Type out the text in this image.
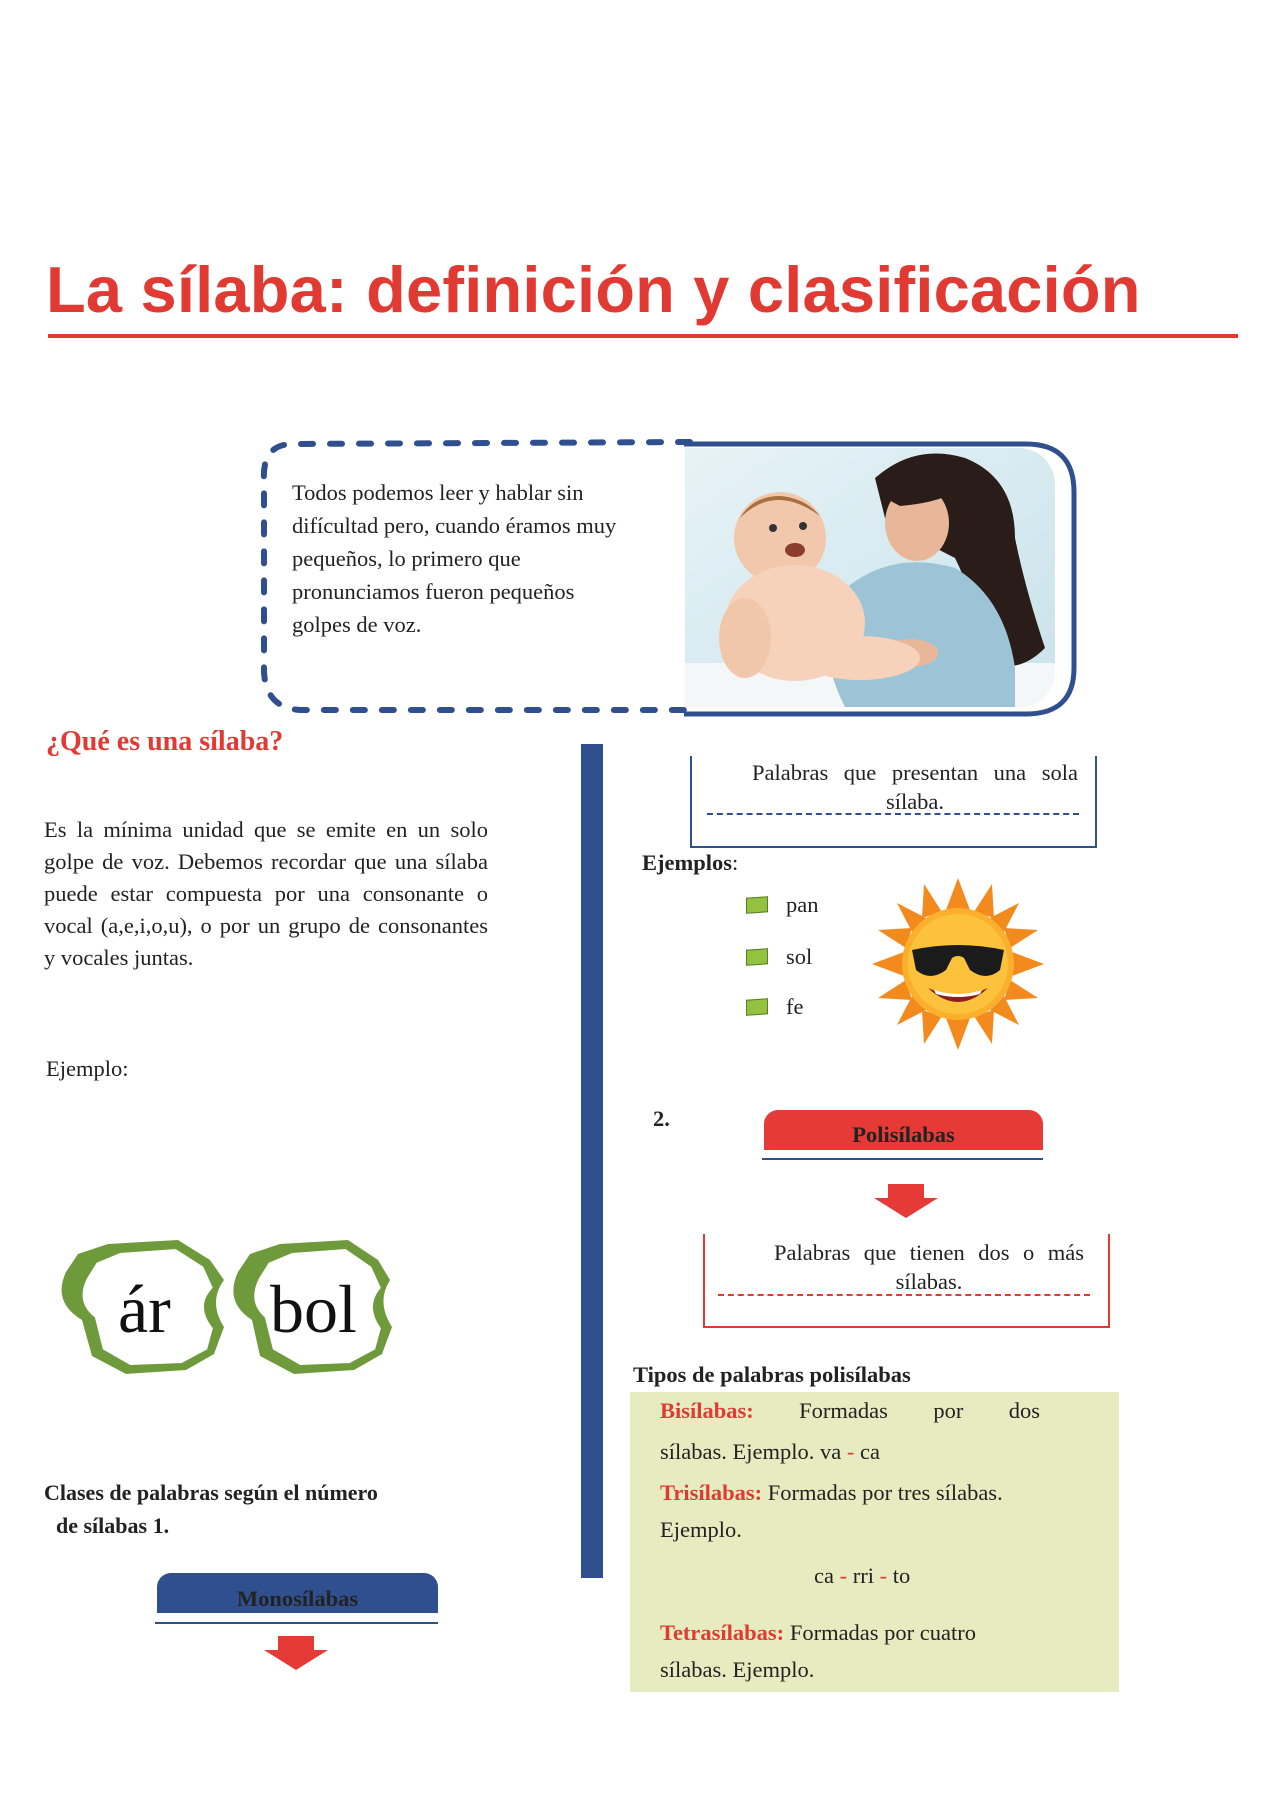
La sílaba: definición y clasificación
Todos podemos leer y hablar sin difícultad pero, cuando éramos muy pequeños, lo primero que pronunciamos fueron pequeños golpes de voz.
¿Qué es una sílaba?
Es la mínima unidad que se emite en un solo golpe de voz. Debemos recordar que una sílaba puede estar compuesta por una consonante o vocal (a,e,i,o,u), o por un grupo de consonantes y vocales juntas.
Ejemplo:
ár bol
Clases de palabras según el número
de sílabas 1.
Monosílabas
Palabras que presentan una sola sílaba.
Ejemplos:
pan
sol
fe
2.
Polisílabas
Palabras que tienen dos o más sílabas.
Tipos de palabras polisílabas
Bisílabas: Formadas por dos
sílabas. Ejemplo. va - ca
Trisílabas: Formadas por tres sílabas.
Ejemplo.
ca - rri - to
Tetrasílabas: Formadas por cuatro
sílabas. Ejemplo.
